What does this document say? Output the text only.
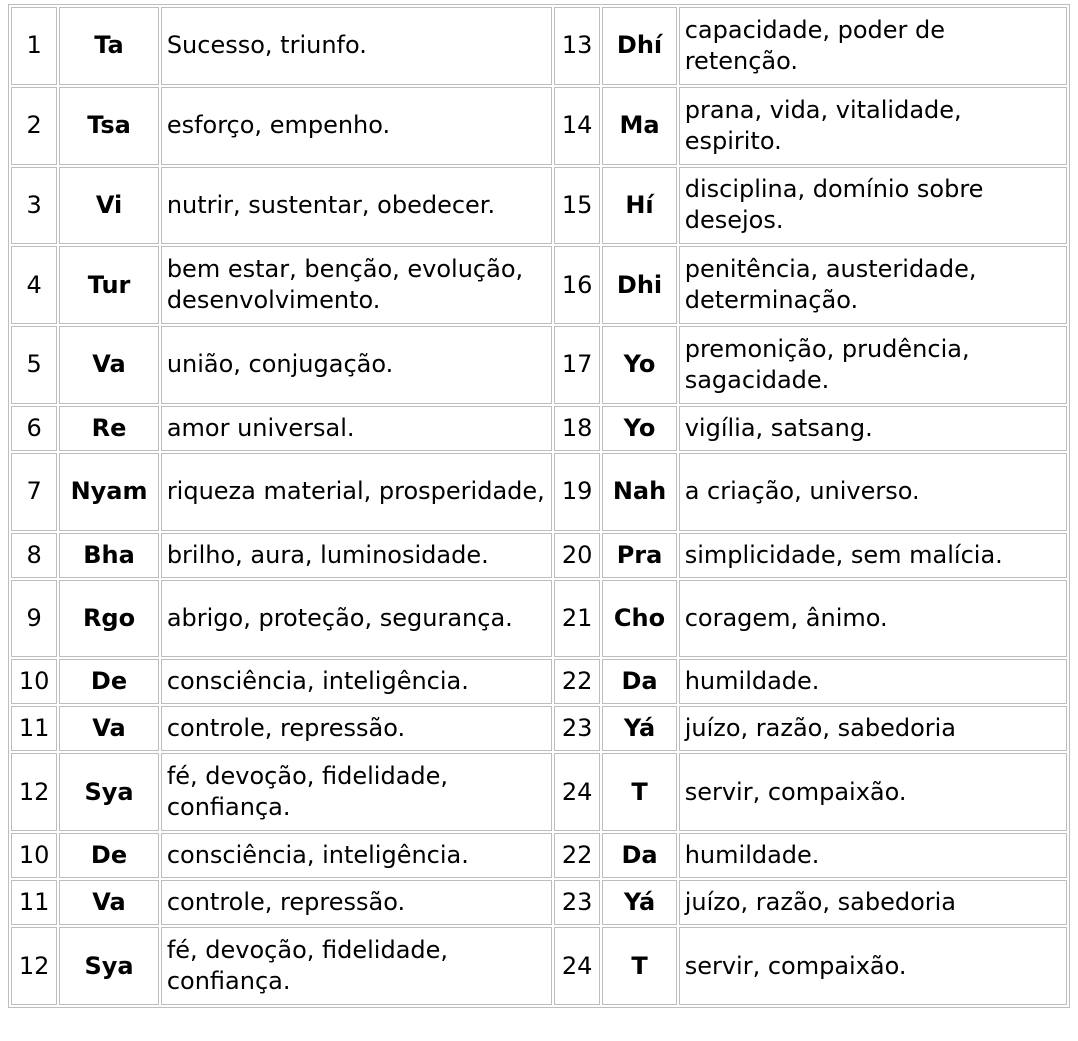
1	Ta	Sucesso, triunfo.	13	Dhí	capacidade, poder de retenção.
2	Tsa	esforço, empenho.	14	Ma	prana, vida, vitalidade, espirito.
3	Vi	nutrir, sustentar, obedecer.	15	Hí	disciplina, domínio sobre desejos.
4	Tur	bem estar, benção, evolução, desenvolvimento.	16	Dhi	penitência, austeridade, determinação.
5	Va	união, conjugação.	17	Yo	premonição, prudência, sagacidade.
6	Re	amor universal.	18	Yo	vigília, satsang.
7	Nyam	riqueza material, prosperidade,	19	Nah	a criação, universo.
8	Bha	brilho, aura, luminosidade.	20	Pra	simplicidade, sem malícia.
9	Rgo	abrigo, proteção, segurança.	21	Cho	coragem, ânimo.
10	De	consciência, inteligência.	22	Da	humildade.
11	Va	controle, repressão.	23	Yá	juízo, razão, sabedoria
12	Sya	fé, devoção, fidelidade, confiança.	24	T	servir, compaixão.
10	De	consciência, inteligência.	22	Da	humildade.
11	Va	controle, repressão.	23	Yá	juízo, razão, sabedoria
12	Sya	fé, devoção, fidelidade, confiança.	24	T	servir, compaixão.
